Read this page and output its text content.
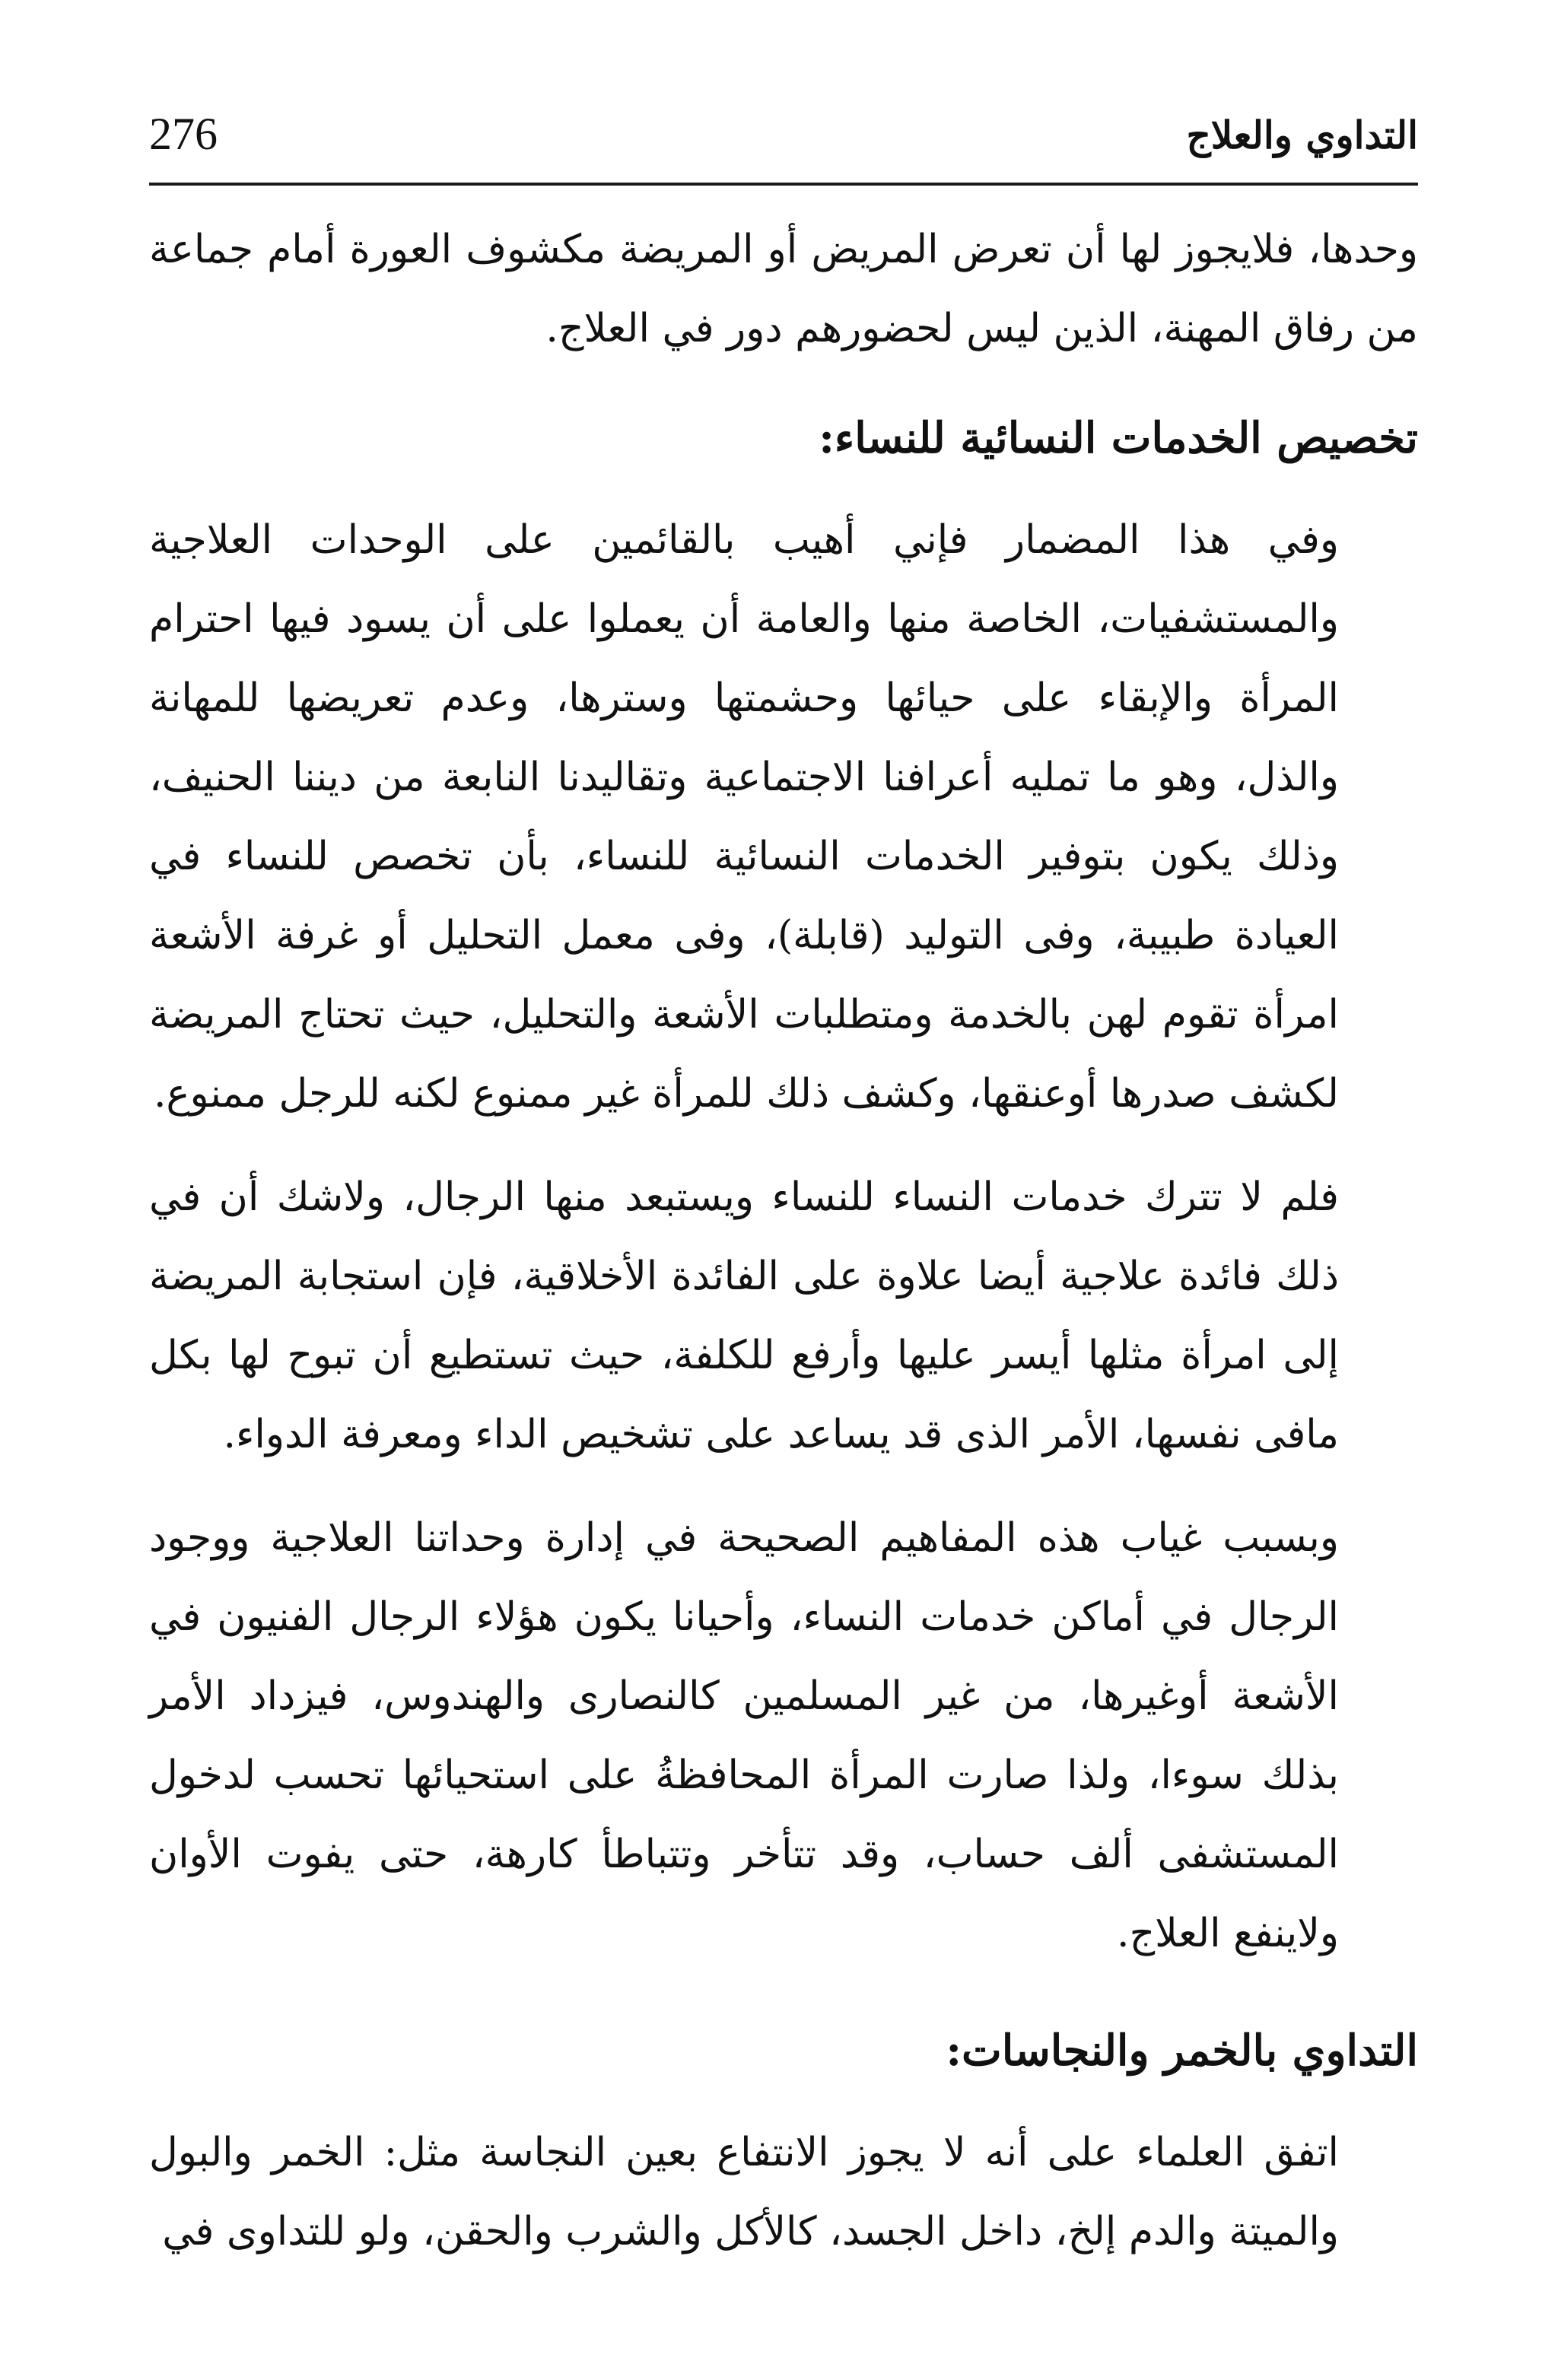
التداوي والعلاج
276

وحدها، فلايجوز لها أن تعرض المريض أو المريضة مكشوف العورة أمام جماعة من رفاق المهنة، الذين ليس لحضورهم دور في العلاج.

تخصيص الخدمات النسائية للنساء:

وفي هذا المضمار فإني أهيب بالقائمين على الوحدات العلاجية والمستشفيات، الخاصة منها والعامة أن يعملوا على أن يسود فيها احترام المرأة والإبقاء على حيائها وحشمتها وسترها، وعدم تعريضها للمهانة والذل، وهو ما تمليه أعرافنا الاجتماعية وتقاليدنا النابعة من ديننا الحنيف، وذلك يكون بتوفير الخدمات النسائية للنساء، بأن تخصص للنساء في العيادة طبيبة، وفى التوليد (قابلة)، وفى معمل التحليل أو غرفة الأشعة امرأة تقوم لهن بالخدمة ومتطلبات الأشعة والتحليل، حيث تحتاج المريضة لكشف صدرها أوعنقها، وكشف ذلك للمرأة غير ممنوع لكنه للرجل ممنوع.

فلم لا تترك خدمات النساء للنساء ويستبعد منها الرجال، ولاشك أن في ذلك فائدة علاجية أيضا علاوة على الفائدة الأخلاقية، فإن استجابة المريضة إلى امرأة مثلها أيسر عليها وأرفع للكلفة، حيث تستطيع أن تبوح لها بكل مافى نفسها، الأمر الذى قد يساعد على تشخيص الداء ومعرفة الدواء.

وبسبب غياب هذه المفاهيم الصحيحة في إدارة وحداتنا العلاجية ووجود الرجال في أماكن خدمات النساء، وأحيانا يكون هؤلاء الرجال الفنيون في الأشعة أوغيرها، من غير المسلمين كالنصارى والهندوس، فيزداد الأمر بذلك سوءا، ولذا صارت المرأة المحافظةُ على استحيائها تحسب لدخول المستشفى ألف حساب، وقد تتأخر وتتباطأ كارهة، حتى يفوت الأوان ولاينفع العلاج.

التداوي بالخمر والنجاسات:

اتفق العلماء على أنه لا يجوز الانتفاع بعين النجاسة مثل: الخمر والبول والميتة والدم إلخ، داخل الجسد، كالأكل والشرب والحقن، ولو للتداوى في
